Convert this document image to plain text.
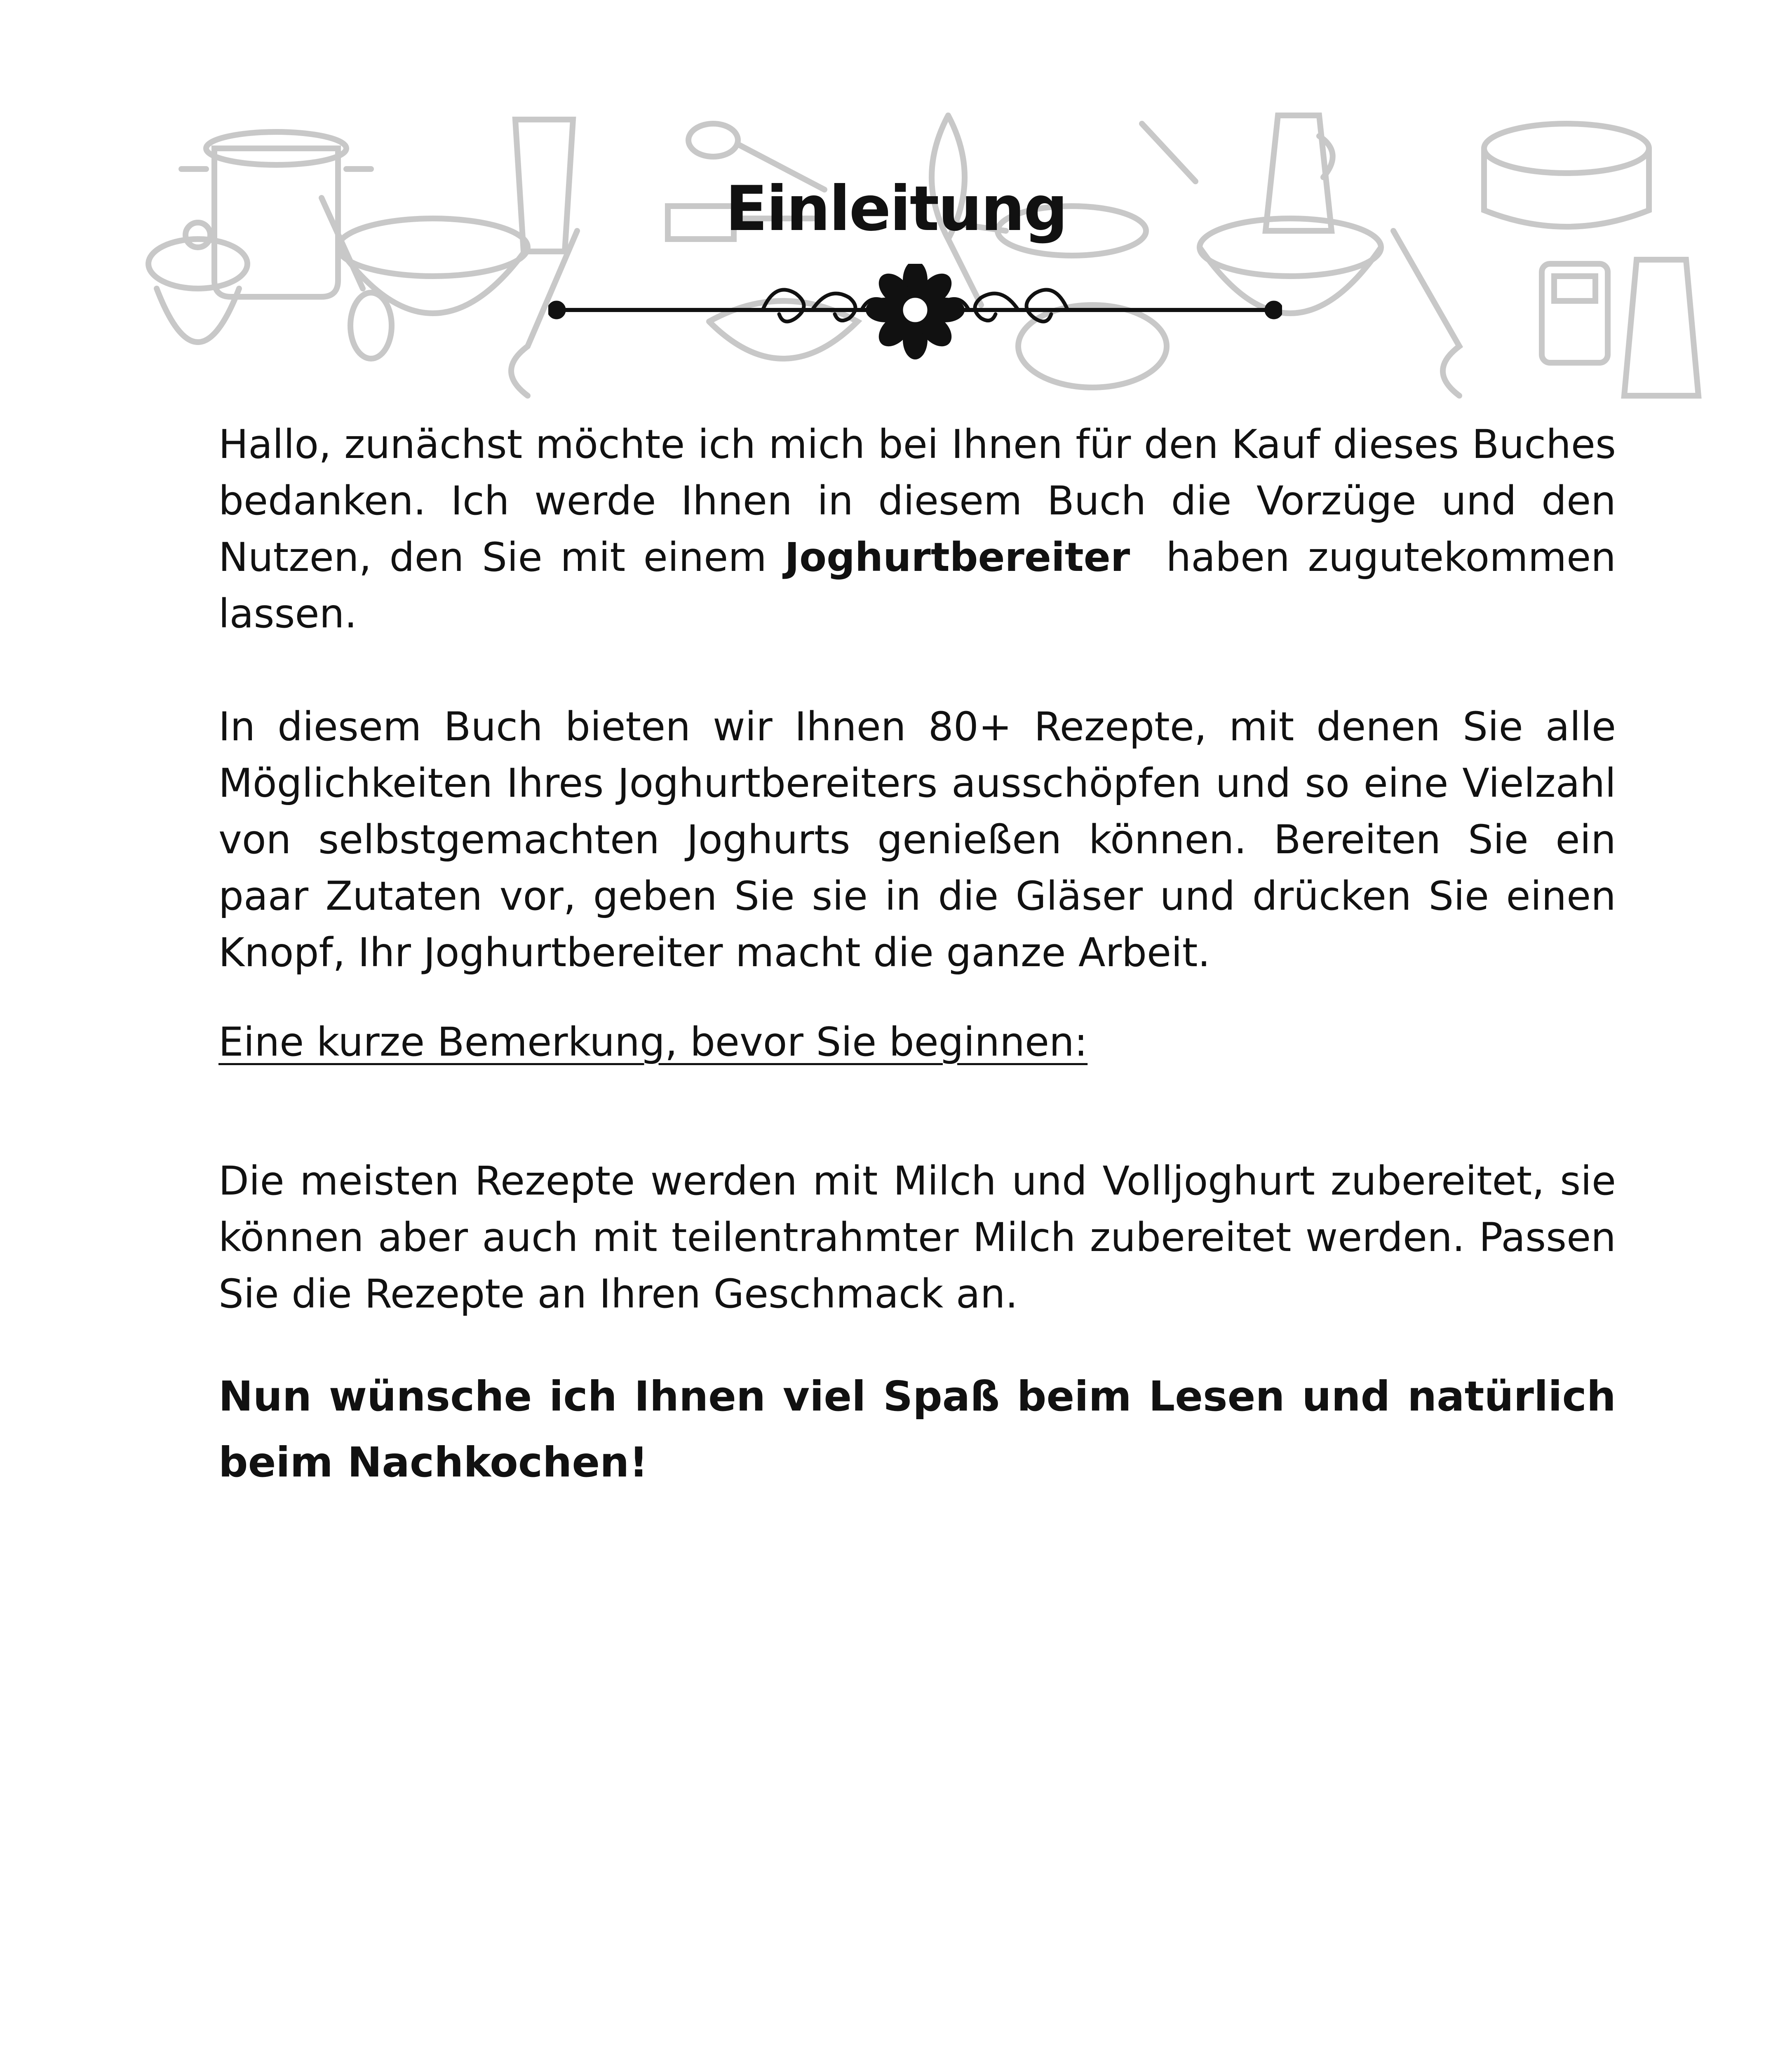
Einleitung

Hallo, zunächst möchte ich mich bei Ihnen für den Kauf dieses Buches bedanken. Ich werde Ihnen in diesem Buch die Vorzüge und den Nutzen, den Sie mit einem Joghurtbereiter  haben zugutekommen lassen.

In diesem Buch bieten wir Ihnen 80+ Rezepte, mit denen Sie alle Möglichkeiten Ihres Joghurtbereiters ausschöpfen und so eine Vielzahl von selbstgemachten Joghurts genießen können. Bereiten Sie ein paar Zutaten vor, geben Sie sie in die Gläser und drücken Sie einen Knopf, Ihr Joghurtbereiter macht die ganze Arbeit.

Eine kurze Bemerkung, bevor Sie beginnen:

Die meisten Rezepte werden mit Milch und Volljoghurt zubereitet, sie können aber auch mit teilentrahmter Milch zubereitet werden. Passen Sie die Rezepte an Ihren Geschmack an.

Nun wünsche ich Ihnen viel Spaß beim Lesen und natürlich beim Nachkochen!
